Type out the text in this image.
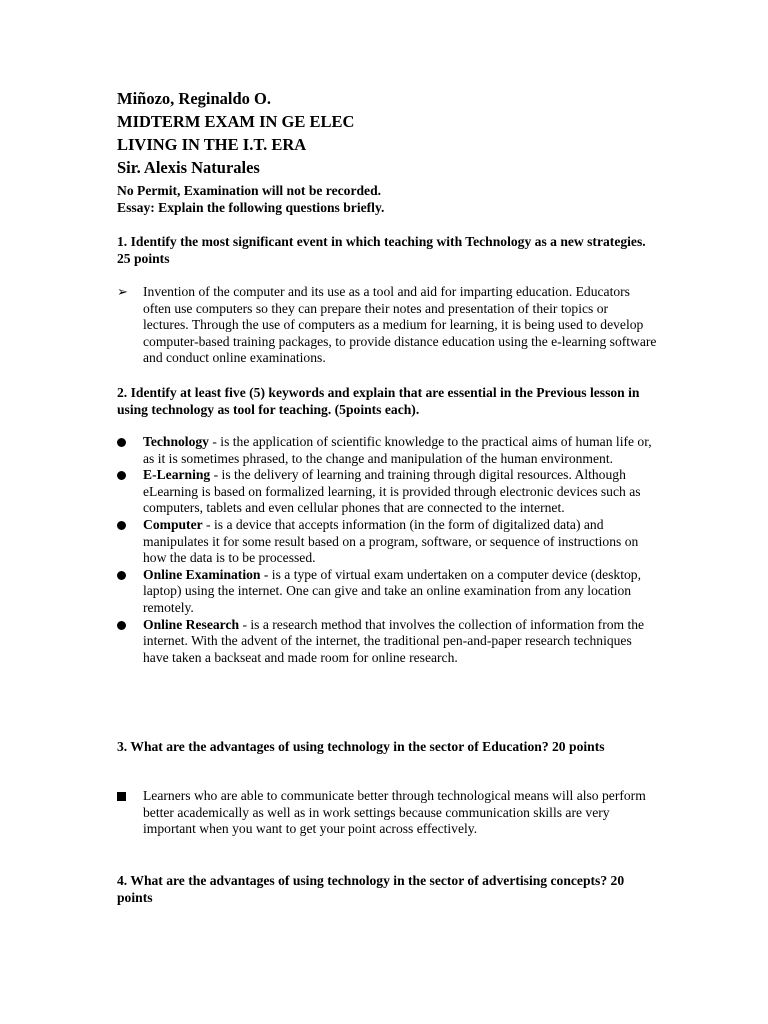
Miñozo, Reginaldo O.
MIDTERM EXAM IN GE ELEC
LIVING IN THE I.T. ERA
Sir. Alexis Naturales
No Permit, Examination will not be recorded.
Essay: Explain the following questions briefly.
1. Identify the most significant event in which teaching with Technology as a new strategies. 25 points
➢	Invention of the computer and its use as a tool and aid for imparting education. Educators often use computers so they can prepare their notes and presentation of their topics or lectures. Through the use of computers as a medium for learning, it is being used to develop computer-based training packages, to provide distance education using the e-learning software and conduct online examinations.
2. Identify at least five (5) keywords and explain that are essential in the Previous lesson in using technology as tool for teaching. (5points each).
Technology - is the application of scientific knowledge to the practical aims of human life or, as it is sometimes phrased, to the change and manipulation of the human environment.
E-Learning - is the delivery of learning and training through digital resources. Although eLearning is based on formalized learning, it is provided through electronic devices such as computers, tablets and even cellular phones that are connected to the internet.
Computer - is a device that accepts information (in the form of digitalized data) and manipulates it for some result based on a program, software, or sequence of instructions on how the data is to be processed.
Online Examination - is a type of virtual exam undertaken on a computer device (desktop, laptop) using the internet. One can give and take an online examination from any location remotely.
Online Research - is a research method that involves the collection of information from the internet. With the advent of the internet, the traditional pen-and-paper research techniques have taken a backseat and made room for online research.
3. What are the advantages of using technology in the sector of Education? 20 points
Learners who are able to communicate better through technological means will also perform better academically as well as in work settings because communication skills are very important when you want to get your point across effectively.
4. What are the advantages of using technology in the sector of advertising concepts? 20 points
